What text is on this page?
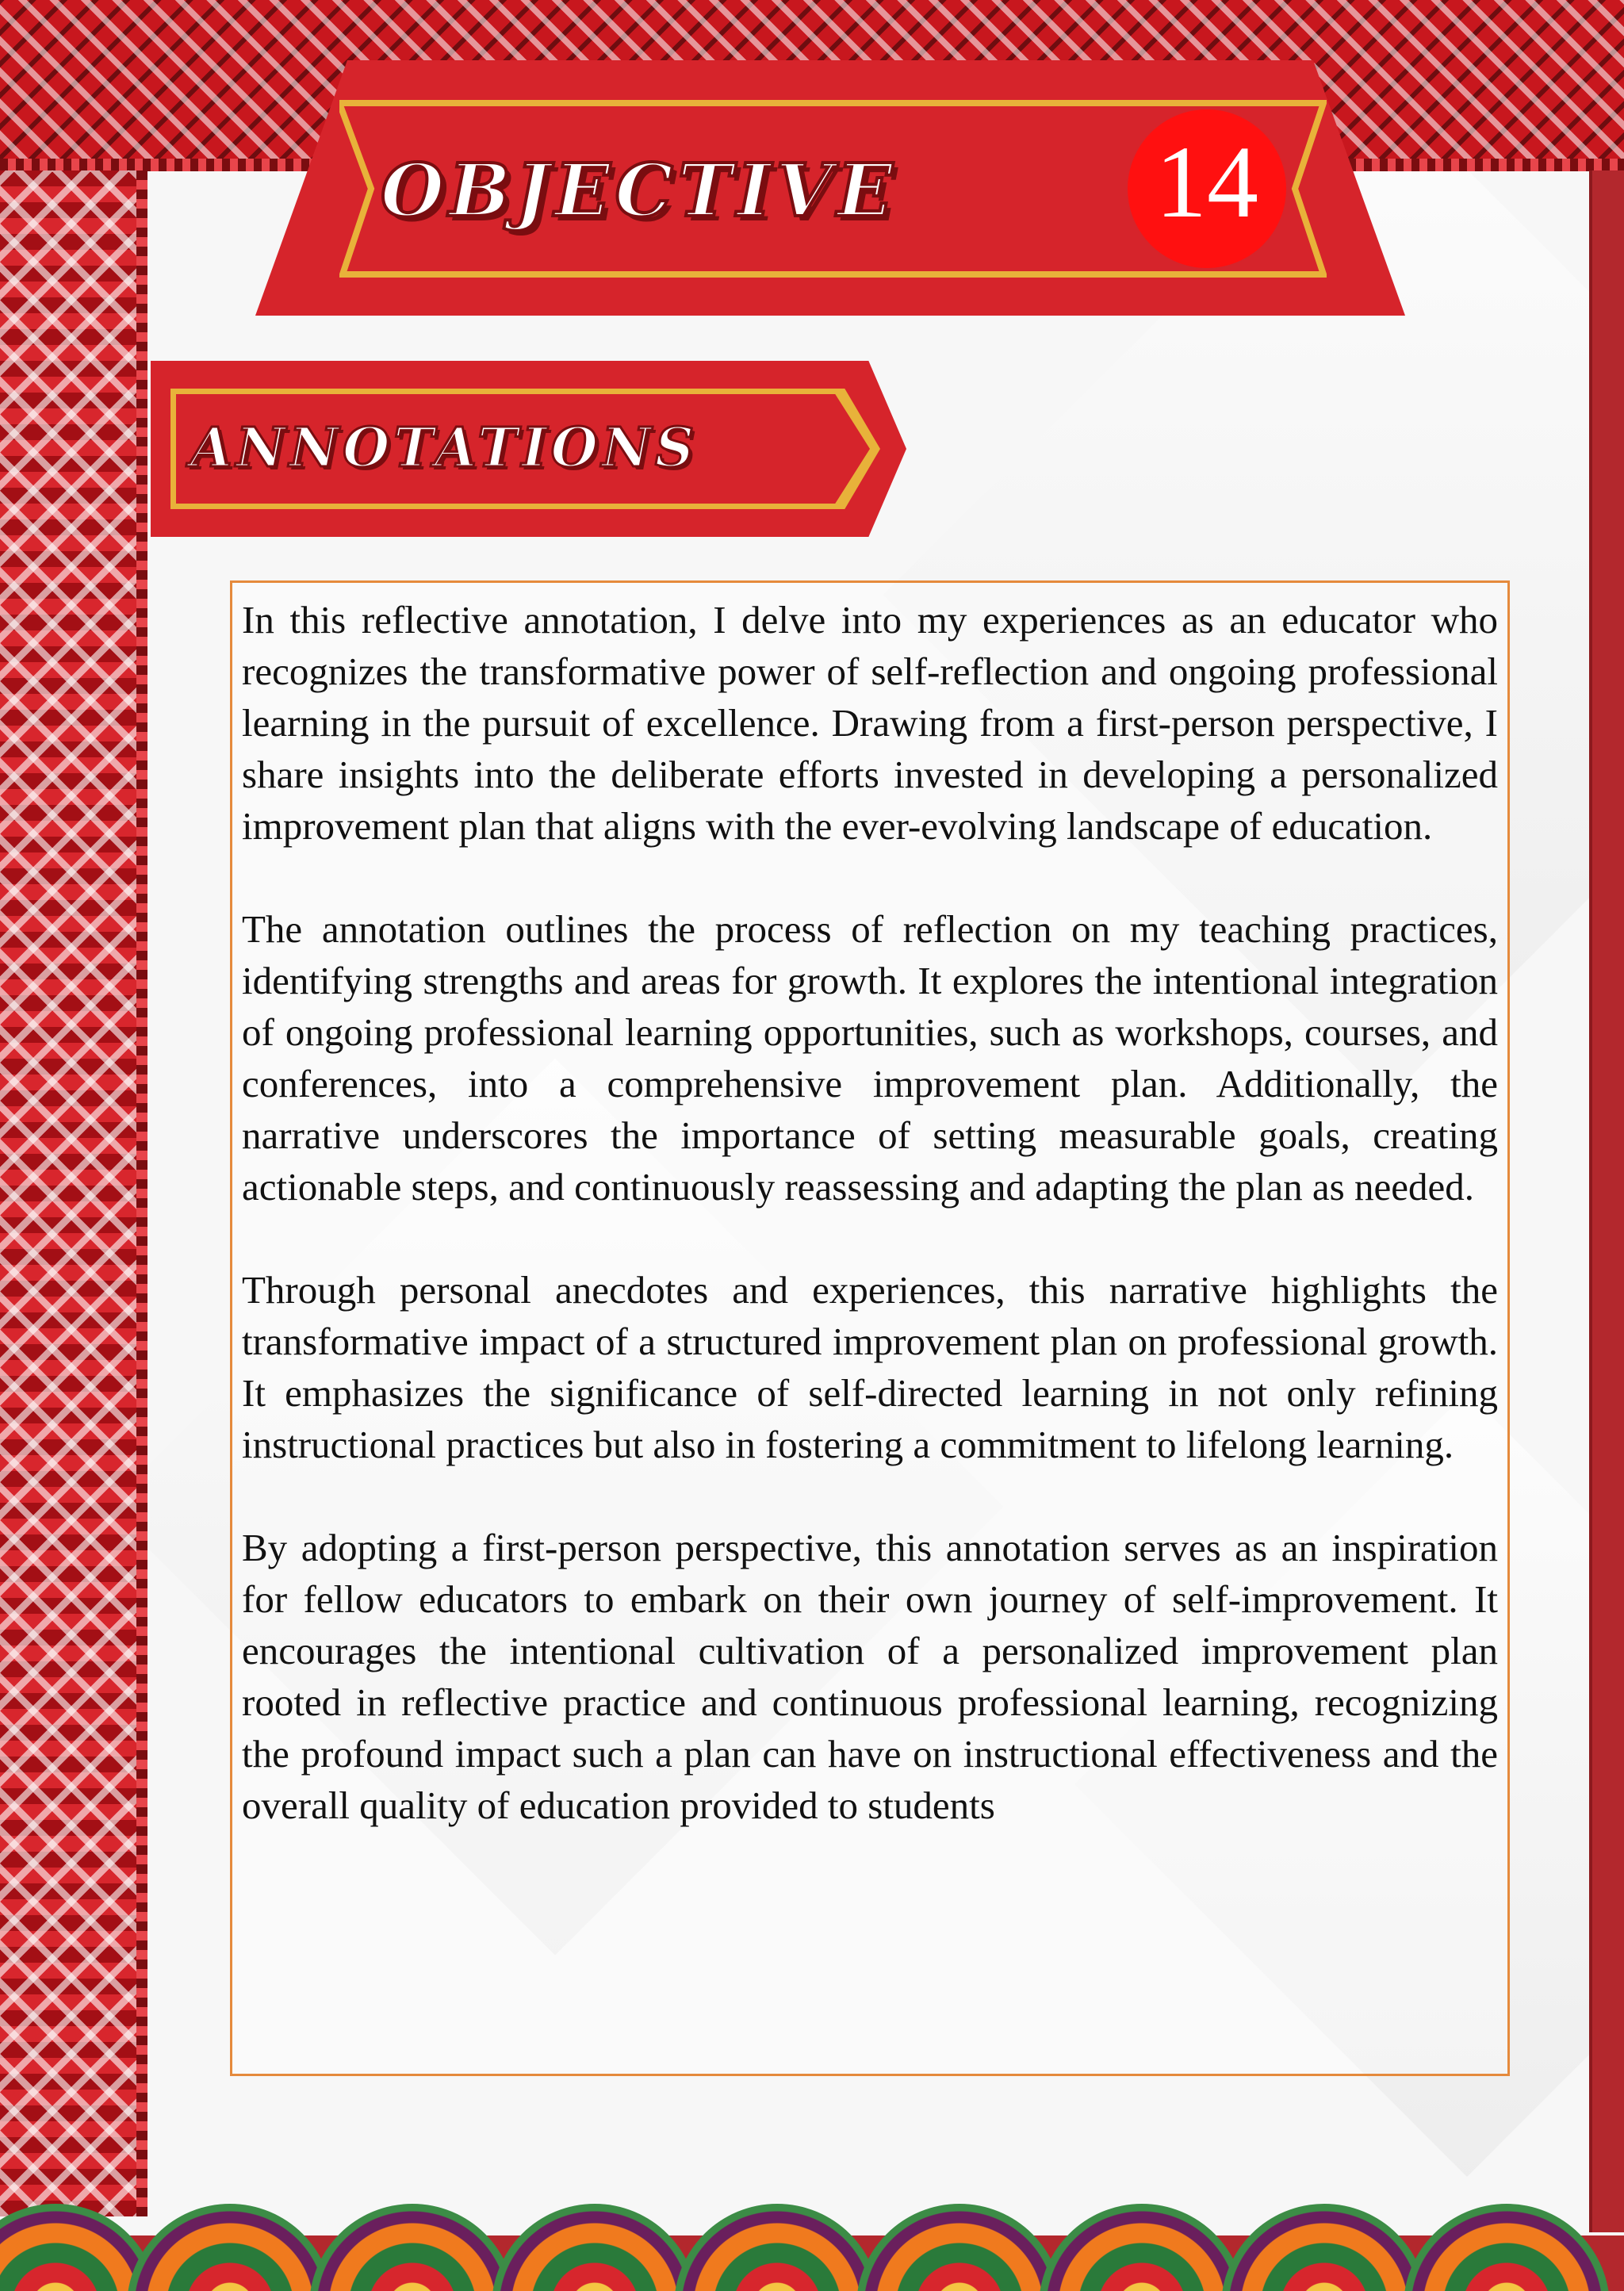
OBJECTIVE	14
ANNOTATIONS

In this reflective annotation, I delve into my experiences as an educator who recognizes the transformative power of self-reflection and ongoing professional learning in the pursuit of excellence. Drawing from a first-person perspective, I share insights into the deliberate efforts invested in developing a personalized improvement plan that aligns with the ever-evolving landscape of education.

The annotation outlines the process of reflection on my teaching practices, identifying strengths and areas for growth. It explores the intentional integration of ongoing professional learning opportunities, such as workshops, courses, and conferences, into a comprehensive improvement plan. Additionally, the narrative underscores the importance of setting measurable goals, creating actionable steps, and continuously reassessing and adapting the plan as needed.

Through personal anecdotes and experiences, this narrative highlights the transformative impact of a structured improvement plan on professional growth. It emphasizes the significance of self-directed learning in not only refining instructional practices but also in fostering a commitment to lifelong learning.

By adopting a first-person perspective, this annotation serves as an inspiration for fellow educators to embark on their own journey of self-improvement. It encourages the intentional cultivation of a personalized improvement plan rooted in reflective practice and continuous professional learning, recognizing the profound impact such a plan can have on instructional effectiveness and the overall quality of education provided to students
